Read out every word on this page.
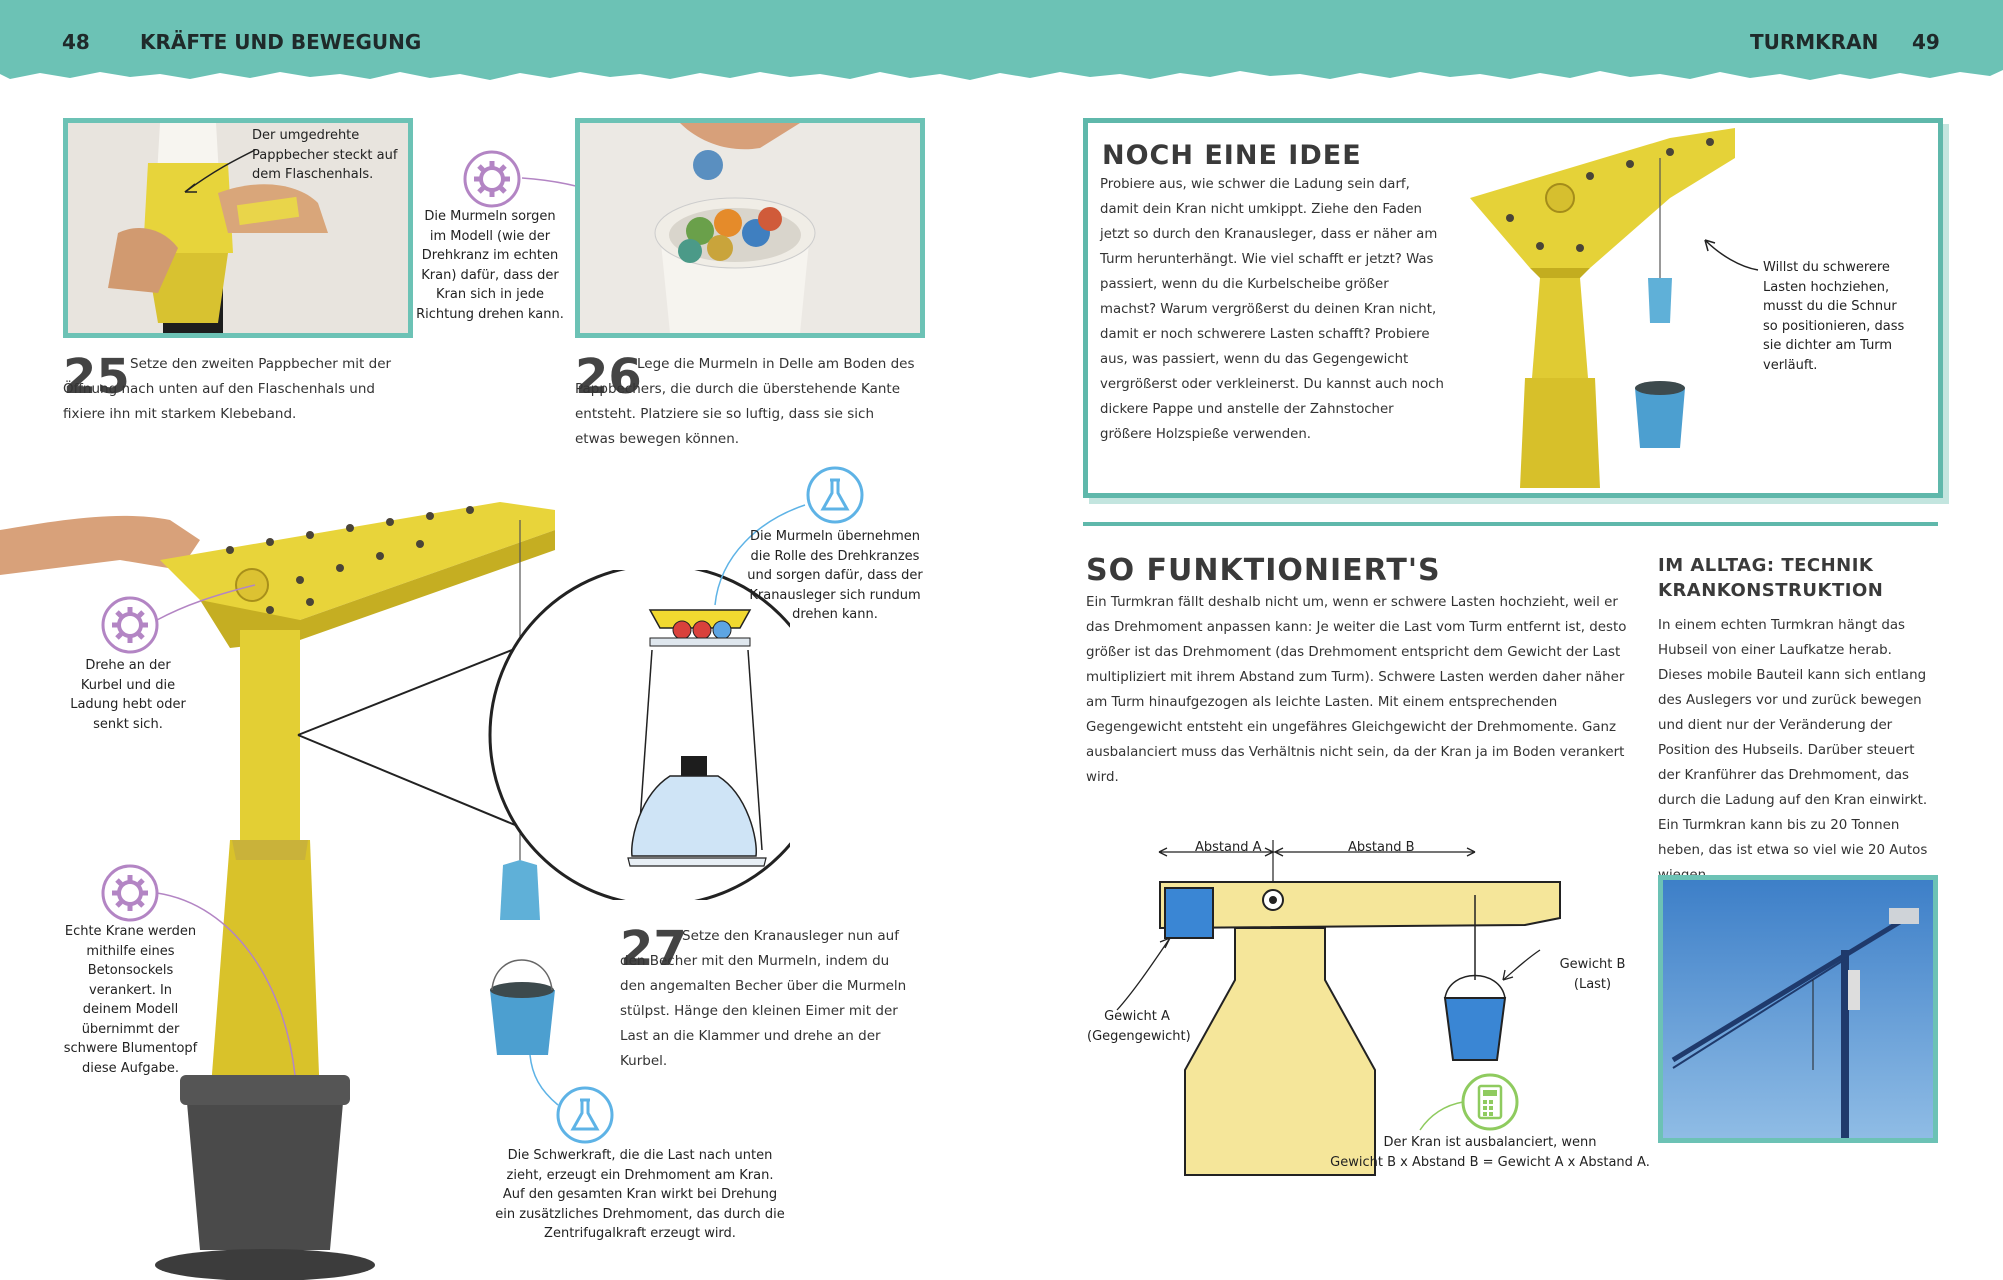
48	KRÄFTE UND BEWEGUNG	TURMKRAN 49
Der umgedrehte Pappbecher steckt auf dem Flaschenhals.
Die Murmeln sorgen im Modell (wie der Drehkranz im echten Kran) dafür, dass der Kran sich in jede Richtung drehen kann.
25 Setze den zweiten Pappbecher mit der Öffnung nach unten auf den Flaschenhals und fixiere ihn mit starkem Klebeband.
26
Lege die Murmeln in Delle am Boden des Pappbechers, die durch die überstehende Kante entsteht. Platziere sie so luftig, dass sie sich etwas bewegen können.
Drehe an der Kurbel und die Ladung hebt oder senkt sich.
Echte Krane werden mithilfe eines Betonsockels verankert. In deinem Modell übernimmt der schwere Blumentopf diese Aufgabe.
Die Murmeln übernehmen die Rolle des Drehkranzes und sorgen dafür, dass der Kranausleger sich rundum drehen kann.
27
Setze den Kranausleger nun auf den Becher mit den Murmeln, indem du den angemalten Becher über die Murmeln stülpst. Hänge den kleinen Eimer mit der Last an die Klammer und drehe an der Kurbel.
Die Schwerkraft, die die Last nach unten zieht, erzeugt ein Drehmoment am Kran. Auf den gesamten Kran wirkt bei Drehung ein zusätzliches Drehmoment, das durch die Zentrifugalkraft erzeugt wird.
NOCH EINE IDEE
Probiere aus, wie schwer die Ladung sein darf, damit dein Kran nicht umkippt. Ziehe den Faden jetzt so durch den Kranausleger, dass er näher am Turm herunterhängt. Wie viel schafft er jetzt? Was passiert, wenn du die Kurbelscheibe größer machst? Warum vergrößerst du deinen Kran nicht, damit er noch schwerere Lasten schafft? Probiere aus, was passiert, wenn du das Gegengewicht vergrößerst oder verkleinerst. Du kannst auch noch dickere Pappe und anstelle der Zahnstocher größere Holzspieße verwenden.
Willst du schwerere Lasten hochziehen, musst du die Schnur so positionieren, dass sie dichter am Turm verläuft.
SO FUNKTIONIERT'S
Ein Turmkran fällt deshalb nicht um, wenn er schwere Lasten hochzieht, weil er das Drehmoment anpassen kann: Je weiter die Last vom Turm entfernt ist, desto größer ist das Drehmoment (das Drehmoment entspricht dem Gewicht der Last multipliziert mit ihrem Abstand zum Turm). Schwere Lasten werden daher näher am Turm hinaufgezogen als leichte Lasten. Mit einem entsprechenden Gegengewicht entsteht ein ungefähres Gleichgewicht der Drehmomente. Ganz ausbalanciert muss das Verhältnis nicht sein, da der Kran ja im Boden verankert wird.
IM ALLTAG: TECHNIK
KRANKONSTRUKTION
In einem echten Turmkran hängt das Hubseil von einer Laufkatze herab. Dieses mobile Bauteil kann sich entlang des Auslegers vor und zurück bewegen und dient nur der Veränderung der Position des Hubseils. Darüber steuert der Kranführer das Drehmoment, das durch die Ladung auf den Kran einwirkt. Ein Turmkran kann bis zu 20 Tonnen heben, das ist etwa so viel wie 20 Autos
Abstand A	Abstand B
Gewicht A
(Gegengewicht)
Gewicht B
(Last)
Der Kran ist ausbalanciert, wenn
Gewicht B x Abstand B = Gewicht A x Abstand A.
